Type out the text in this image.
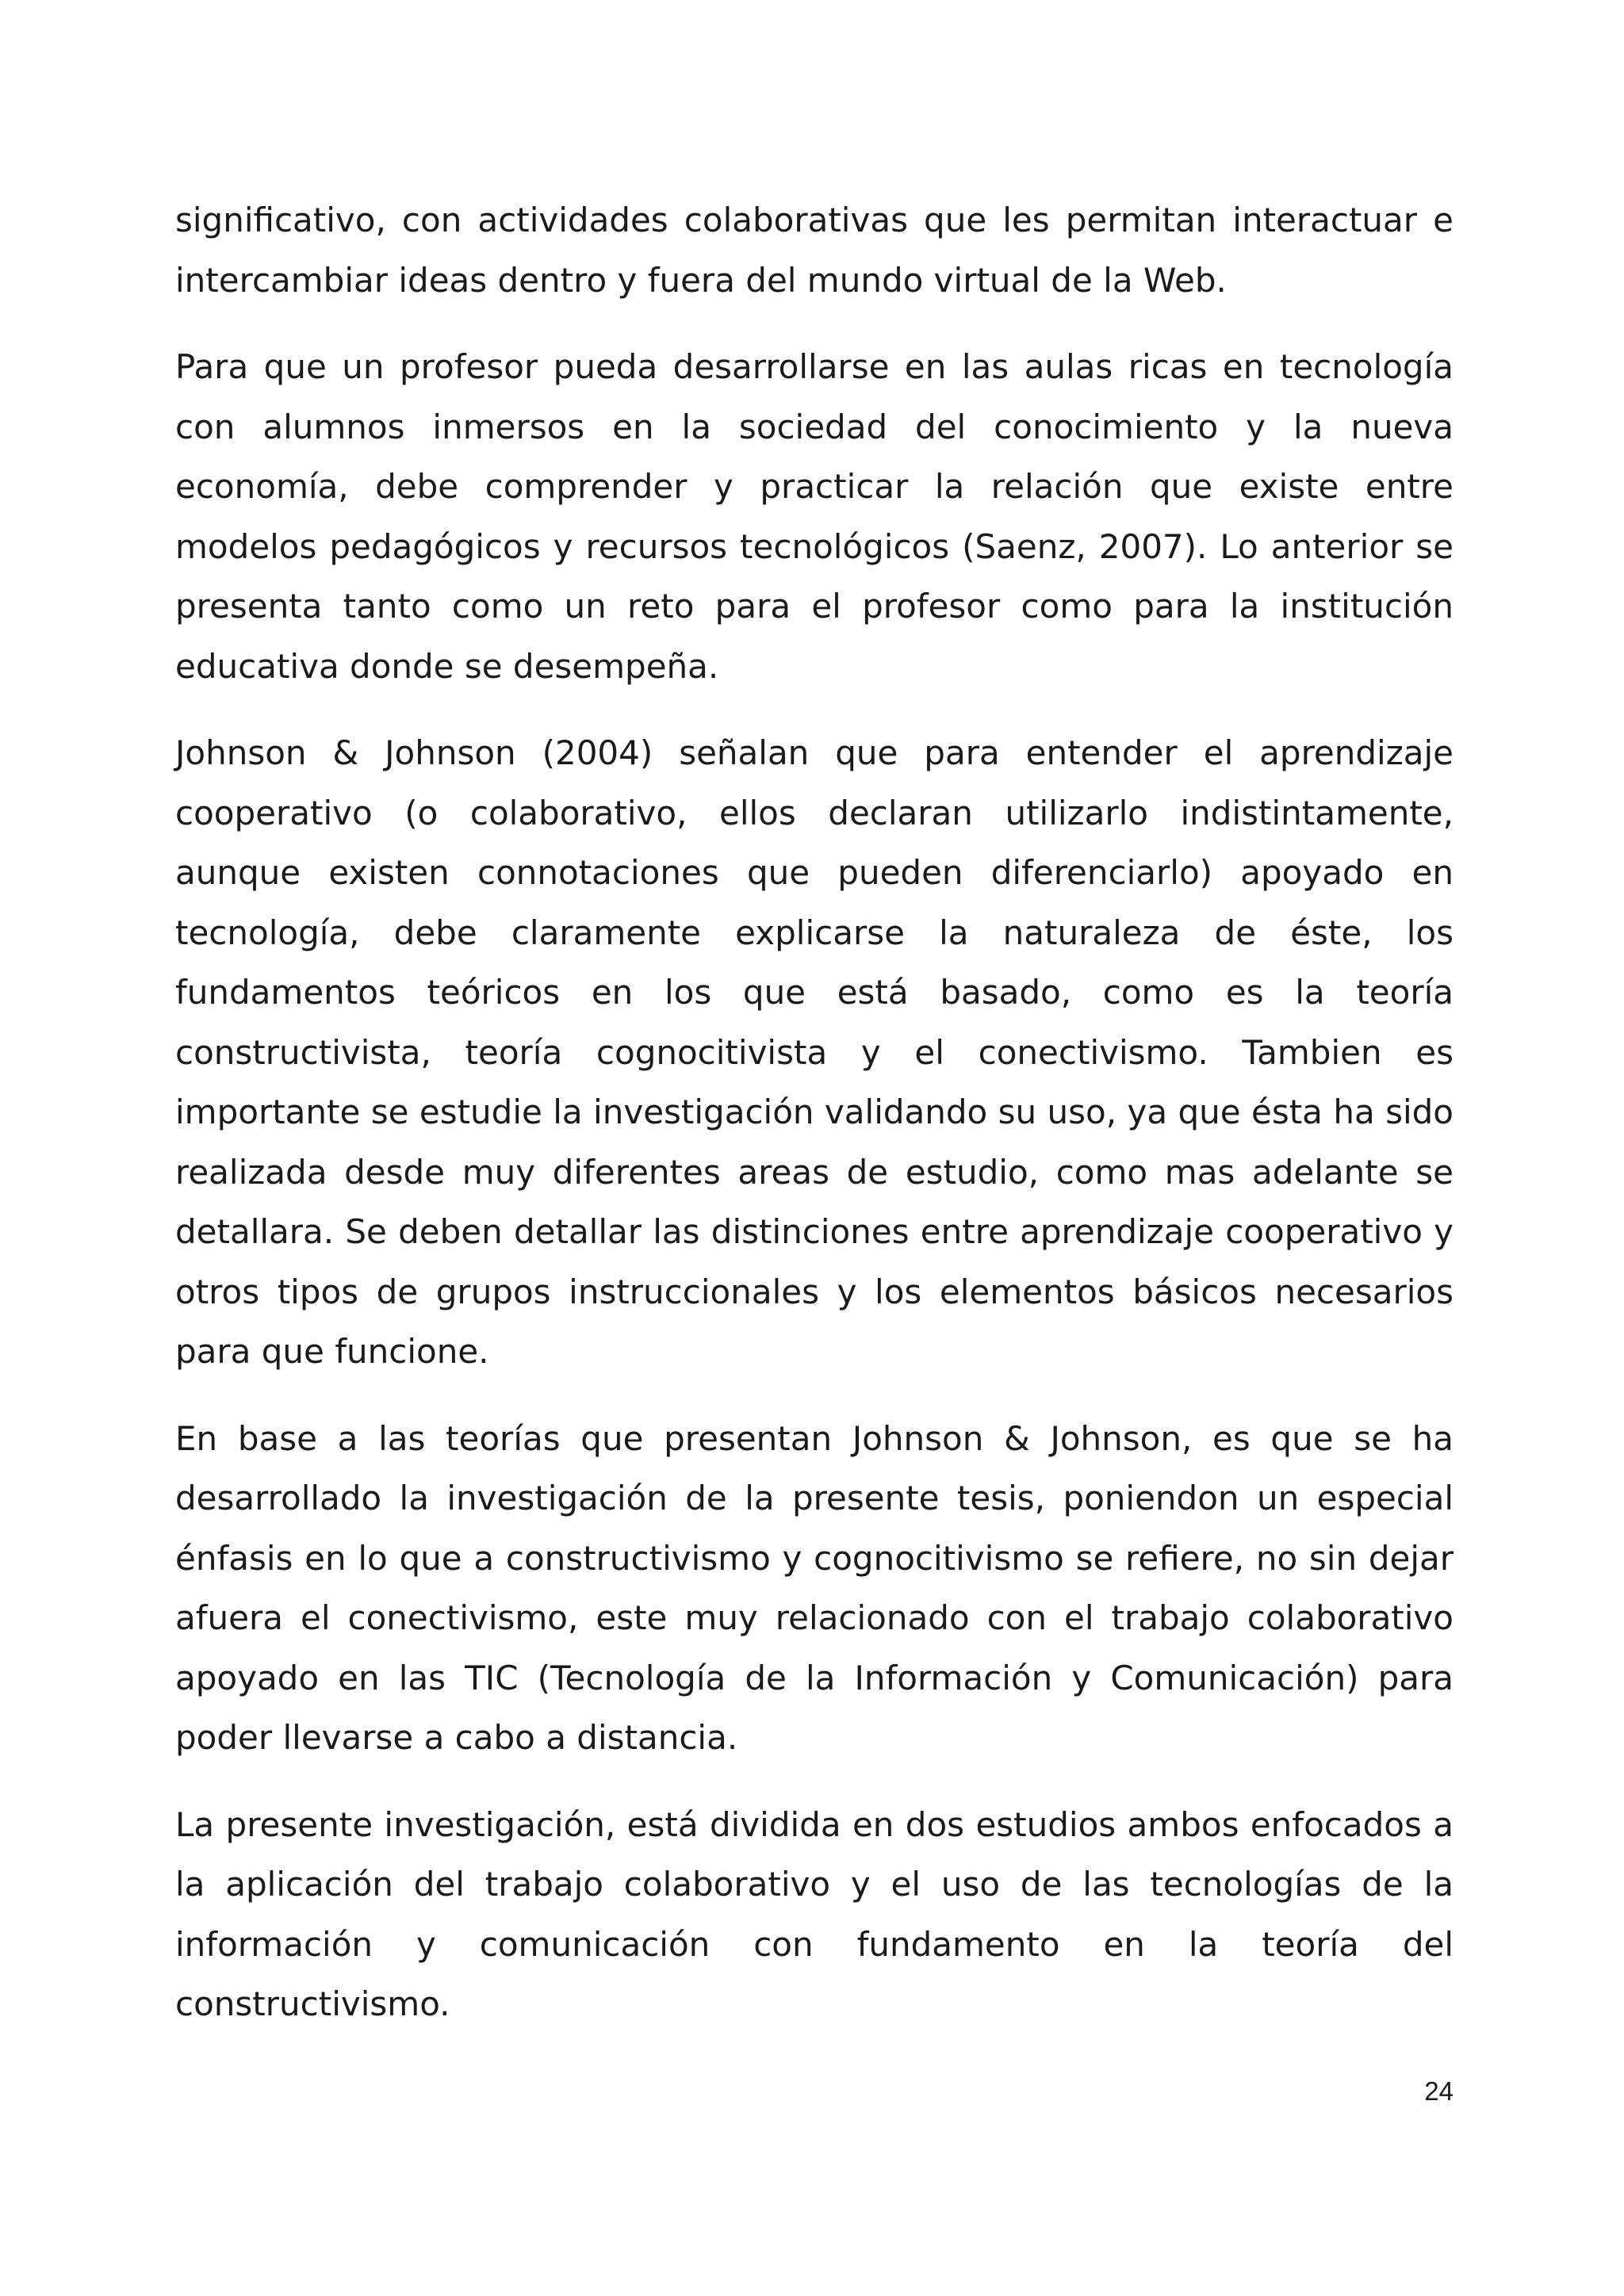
significativo, con actividades colaborativas que les permitan interactuar e intercambiar ideas dentro y fuera del mundo virtual de la Web.

Para que un profesor pueda desarrollarse en las aulas ricas en tecnología con alumnos inmersos en la sociedad del conocimiento y la nueva economía, debe comprender y practicar la relación que existe entre modelos pedagógicos y recursos tecnológicos (Saenz, 2007). Lo anterior se presenta tanto como un reto para el profesor como para la institución educativa donde se desempeña.

Johnson & Johnson (2004) señalan que para entender el aprendizaje cooperativo (o colaborativo, ellos declaran utilizarlo indistintamente, aunque existen connotaciones que pueden diferenciarlo) apoyado en tecnología, debe claramente explicarse la naturaleza de éste, los fundamentos teóricos en los que está basado, como es la teoría constructivista, teoría cognocitivista y el conectivismo. Tambien es importante se estudie la investigación validando su uso, ya que ésta ha sido realizada desde muy diferentes areas de estudio, como mas adelante se detallara. Se deben detallar las distinciones entre aprendizaje cooperativo y otros tipos de grupos instruccionales y los elementos básicos necesarios para que funcione.

En base a las teorías que presentan Johnson & Johnson, es que se ha desarrollado la investigación de la presente tesis, poniendon un especial énfasis en lo que a constructivismo y cognocitivismo se refiere, no sin dejar afuera el conectivismo, este muy relacionado con el trabajo colaborativo apoyado en las TIC (Tecnología de la Información y Comunicación) para poder llevarse a cabo a distancia.

La presente investigación, está dividida en dos estudios ambos enfocados a la aplicación del trabajo colaborativo y el uso de las tecnologías de la información y comunicación con fundamento en la teoría del constructivismo.

24
